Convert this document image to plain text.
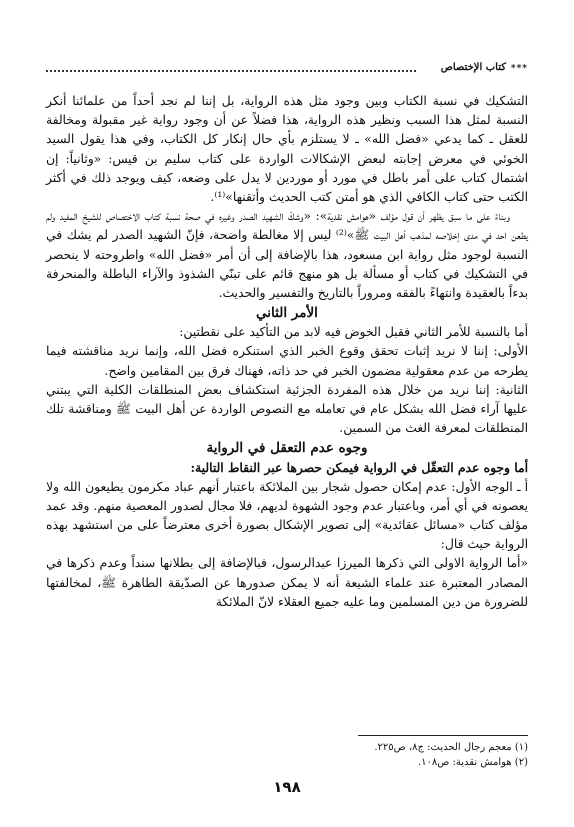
***
كتاب الإختصاص

التشكيك في نسبة الكتاب وبين وجود مثل هذه الرواية، بل إننا لم نجد أحداً من علمائنا أنكر النسبة لمثل هذا السبب ونظير هذه الرواية، هذا فضلاً عن أن وجود رواية غير مقبولة ومخالفة للعقل ـ كما يدعي «فضل الله» ـ لا يستلزم بأي حال إنكار كل الكتاب، وفي هذا يقول السيد الخوئي في معرض إجابته لبعض الإشكالات الواردة على كتاب سليم بن قيس: «وثانياً: إن اشتمال كتاب على أمر باطل في مورد أو موردين لا يدل على وضعه، كيف ويوجد ذلك في أكثر الكتب حتى كتاب الكافي الذي هو أمتن كتب الحديث وأتقنها»⁽¹⁾.

وبناءً على ما سبق يظهر أن قول مؤلف «هوامش نقدية»: «وشكّ الشهيد الصدر وغيره في صحة نسبة كتاب الاختصاص للشيخ المفيد ولم يطعن احد في مدى إخلاصه لمذهب أهل البيت ﷺ»⁽²⁾ ليس إلا مغالطة واضحة، فإنّ الشهيد الصدر لم يشك في النسبة لوجود مثل رواية ابن مسعود، هذا بالإضافة إلى أن أمر «فضل الله» واطروحته لا ينحصر في التشكيك في كتاب أو مسألة بل هو منهج قائم على تبنّي الشذوذ والآراء الباطلة والمنحرفة بدءاً بالعقيدة وانتهاءً بالفقه ومروراً بالتاريخ والتفسير والحديث.

الأمر الثاني

أما بالنسبة للأمر الثاني فقبل الخوض فيه لابد من التأكيد على نقطتين:

الأولى: إننا لا نريد إثبات تحقق وقوع الخبر الذي استنكره فضل الله، وإنما نريد مناقشته فيما يطرحه من عدم معقولية مضمون الخبر في حد ذاته، فهناك فرق بين المقامين واضح.

الثانية: إننا نريد من خلال هذه المفردة الجزئية استكشاف بعض المنطلقات الكلية التي يبتني عليها آراء فضل الله بشكل عام في تعامله مع النصوص الواردة عن أهل البيت ﷺ ومناقشة تلك المنطلقات لمعرفة الغث من السمين.

وجوه عدم التعقل في الرواية

أما وجوه عدم التعقّل في الرواية فيمكن حصرها عبر النقاط التالية:

أ ـ الوجه الأول: عدم إمكان حصول شجار بين الملائكة باعتبار أنهم عباد مكرمون يطيعون الله ولا يعصونه في أي أمر، وباعتبار عدم وجود الشهوة لديهم، فلا مجال لصدور المعصية منهم. وقد عمد مؤلف كتاب «مسائل عقائدية» إلى تصوير الإشكال بصورة أخرى معترضاً على من استشهد بهذه الرواية حيث قال:

«أما الرواية الاولى التي ذكرها الميرزا عبدالرسول، فبالإضافة إلى بطلانها سنداً وعدم ذكرها في المصادر المعتبرة عند علماء الشيعة أنه لا يمكن صدورها عن الصدّيقة الطاهرة ﷺ، لمخالفتها للضرورة من دين المسلمين وما عليه جميع العقلاء لانّ الملائكة

(١) معجم رجال الحديث: ج٨، ص٢٢٥.
(٢) هوامش نقدية: ص١٠٨.
١٩٨
